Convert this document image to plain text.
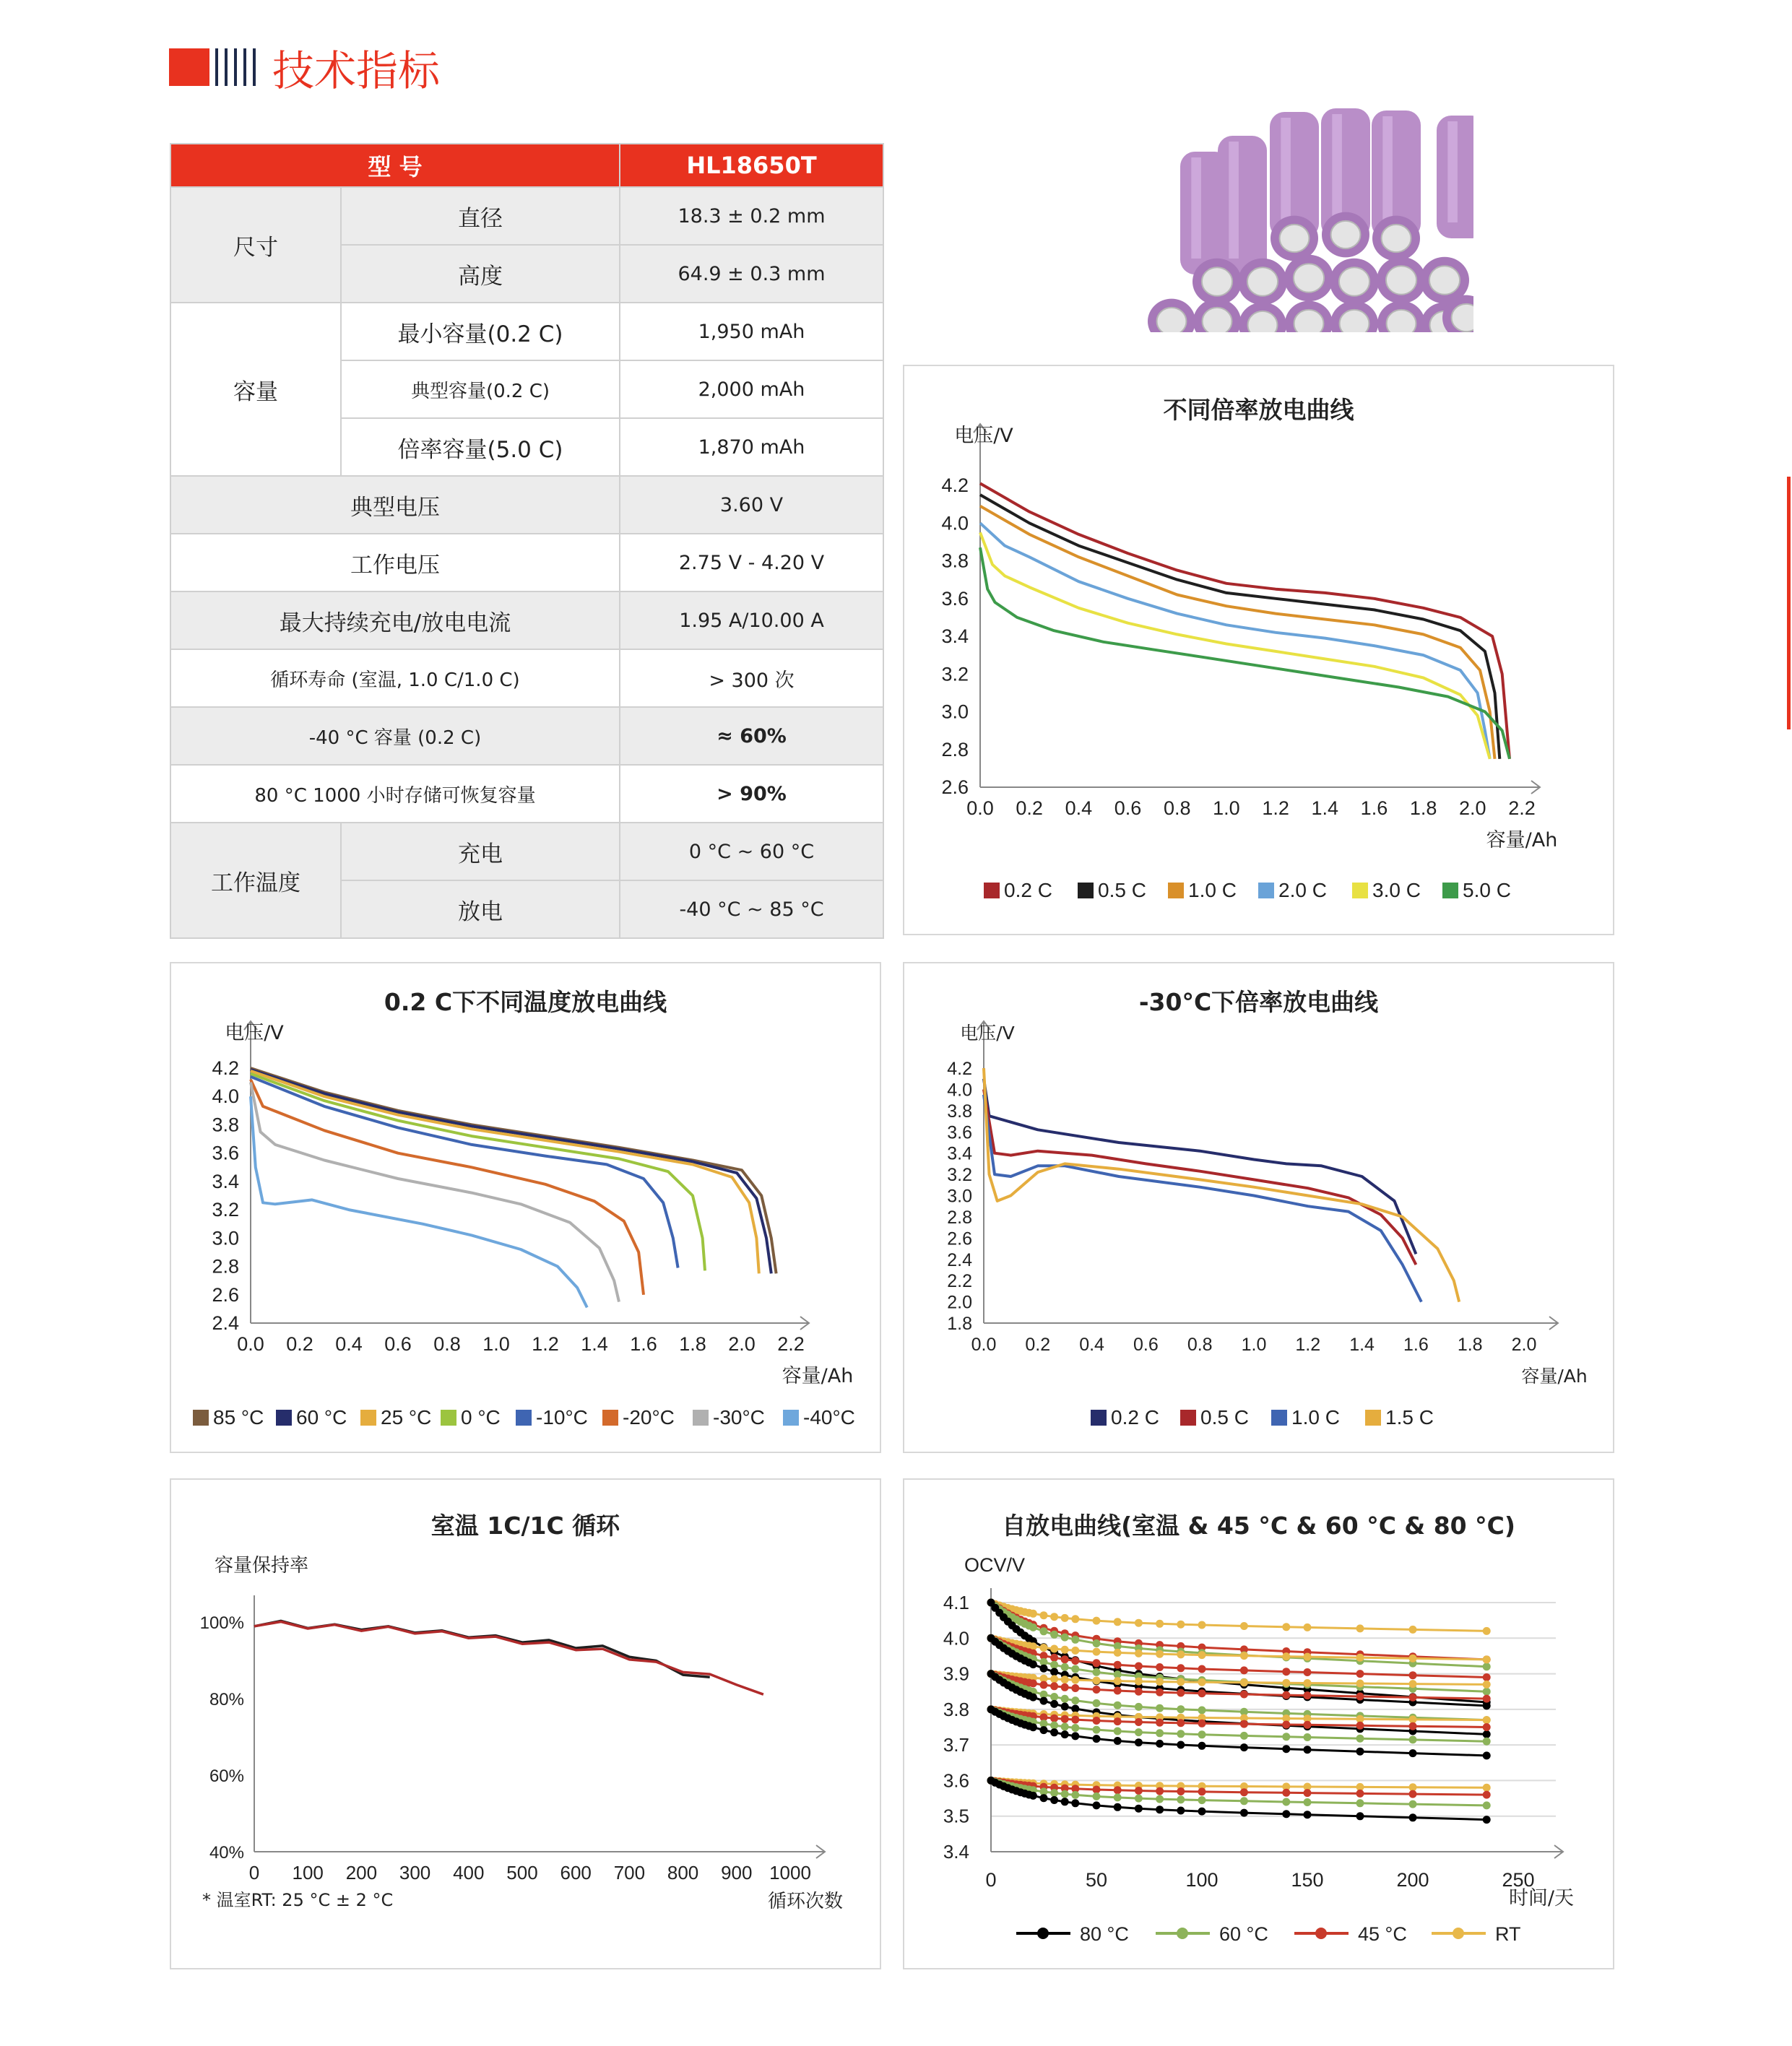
技术指标
型 号		HL18650T
尺寸	直径	18.3 ± 0.2 mm
	高度	64.9 ± 0.3 mm
容量	最小容量(0.2 C)	1,950 mAh
	典型容量(0.2 C)	2,000 mAh
	倍率容量(5.0 C)	1,870 mAh
典型电压		3.60 V
工作电压		2.75 V - 4.20 V
最大持续充电/放电电流		1.95 A/10.00 A
循环寿命 (室温, 1.0 C/1.0 C)		> 300 次
-40 °C 容量 (0.2 C)		≈ 60%
80 °C 1000 小时存储可恢复容量		> 90%
工作温度	充电	0 °C ~ 60 °C
	放电	-40 °C ~ 85 °C
不同倍率放电曲线
0.0 0.2 0.4 0.6 0.8 1.0 1.2 1.4 1.6 1.8 2.0 2.2
2.6
2.8
3.0
3.2
3.4
3.6
3.8
4.0
4.2
电压/V
容量/Ah
0.2 C 0.5 C 1.0 C 2.0 C 3.0 C 5.0 C
0.2 C下不同温度放电曲线
0.0 0.2 0.4 0.6 0.8 1.0 1.2 1.4 1.6 1.8 2.0 2.2
2.4
2.6
2.8
3.0
3.2
3.4
3.6
3.8
4.0
4.2
电压/V
容量/Ah
85 °C 60 °C 25 °C 0 °C -10°C -20°C -30°C -40°C
-30°C下倍率放电曲线
0.0 0.2 0.4 0.6 0.8 1.0 1.2 1.4 1.6 1.8 2.0
1.8
2.0
2.2
2.4
2.6
2.8
3.0
3.2
3.4
3.6
3.8
4.0
4.2
电压/V
容量/Ah
0.2 C 0.5 C 1.0 C 1.5 C
室温 1C/1C 循环
0 100 200 300 400 500 600 700 800 900 1000
40%
60%
80%
100%
容量保持率
循环次数
* 温室RT: 25 °C ± 2 °C
自放电曲线(室温 & 45 °C & 60 °C & 80 °C)
0	50	100	150	200	250
3.4
3.5
3.6
3.7
3.8
3.9
4.0
4.1
OCV/V
时间/天
80 °C	60 °C	45 °C	RT
